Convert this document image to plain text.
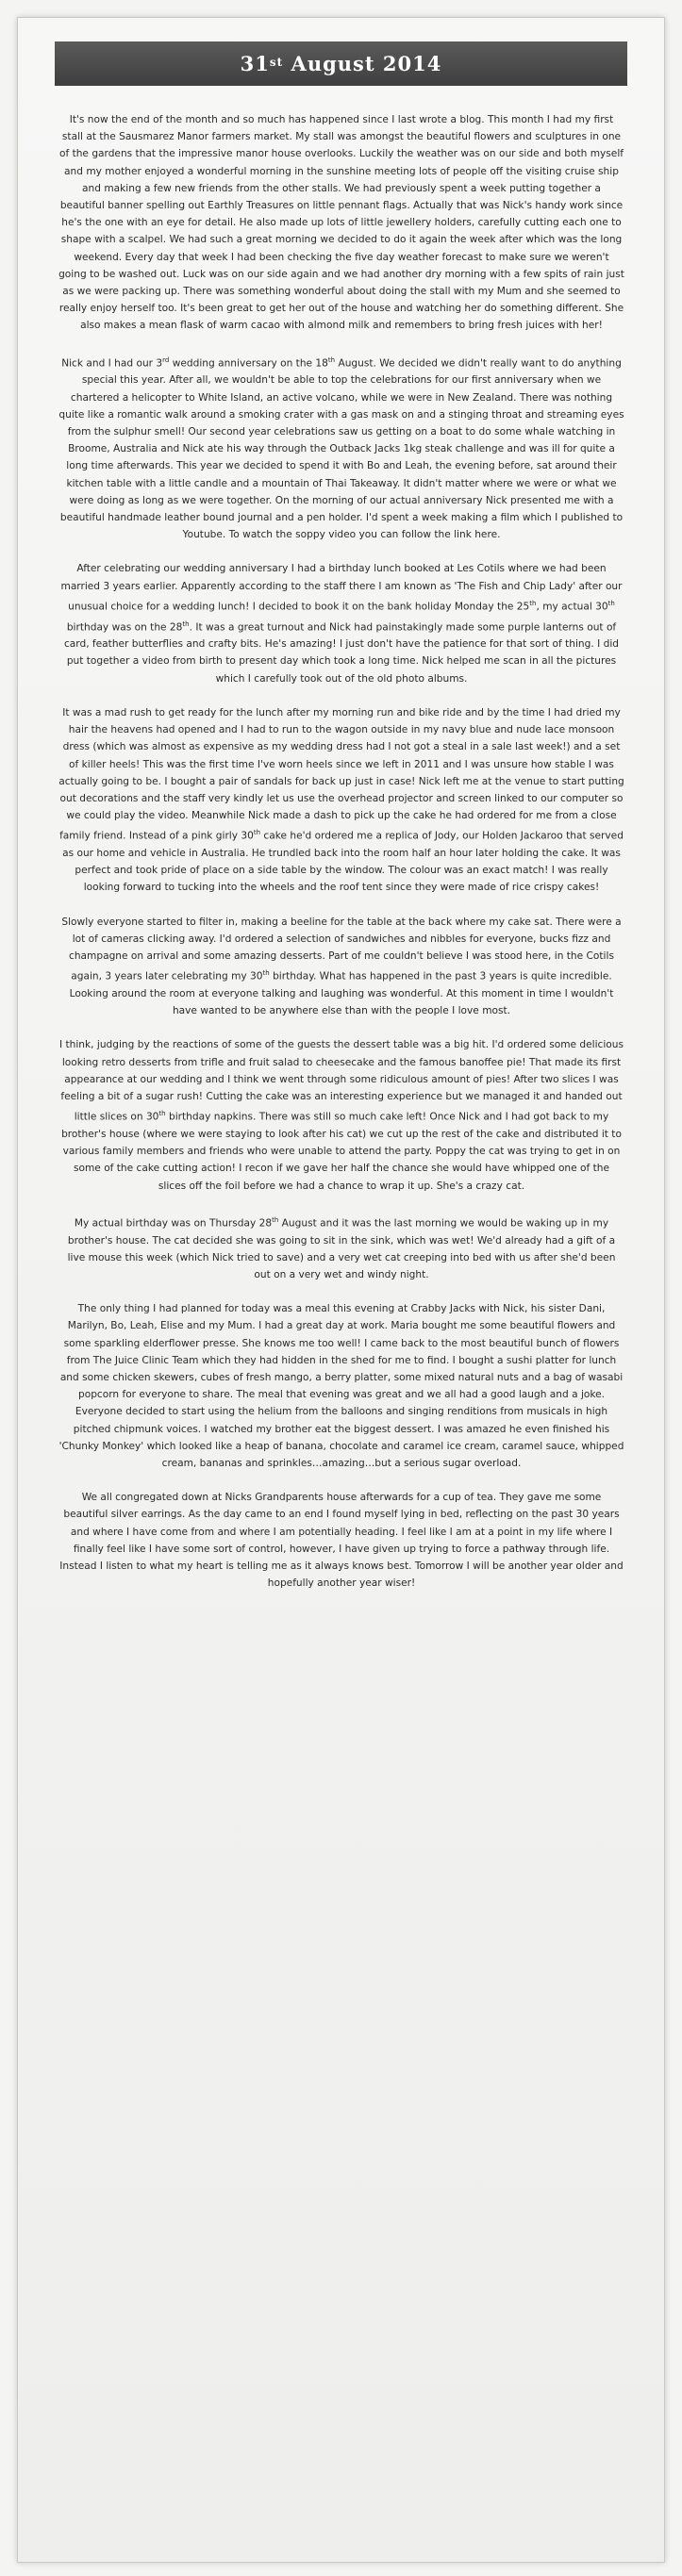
31st August 2014

It's now the end of the month and so much has happened since I last wrote a blog. This month I had my first stall at the Sausmarez Manor farmers market. My stall was amongst the beautiful flowers and sculptures in one of the gardens that the impressive manor house overlooks. Luckily the weather was on our side and both myself and my mother enjoyed a wonderful morning in the sunshine meeting lots of people off the visiting cruise ship and making a few new friends from the other stalls. We had previously spent a week putting together a beautiful banner spelling out Earthly Treasures on little pennant flags. Actually that was Nick's handy work since he's the one with an eye for detail. He also made up lots of little jewellery holders, carefully cutting each one to shape with a scalpel. We had such a great morning we decided to do it again the week after which was the long weekend. Every day that week I had been checking the five day weather forecast to make sure we weren't going to be washed out. Luck was on our side again and we had another dry morning with a few spits of rain just as we were packing up. There was something wonderful about doing the stall with my Mum and she seemed to really enjoy herself too. It's been great to get her out of the house and watching her do something different. She also makes a mean flask of warm cacao with almond milk and remembers to bring fresh juices with her!

Nick and I had our 3rd wedding anniversary on the 18th August. We decided we didn't really want to do anything special this year. After all, we wouldn't be able to top the celebrations for our first anniversary when we chartered a helicopter to White Island, an active volcano, while we were in New Zealand. There was nothing quite like a romantic walk around a smoking crater with a gas mask on and a stinging throat and streaming eyes from the sulphur smell! Our second year celebrations saw us getting on a boat to do some whale watching in Broome, Australia and Nick ate his way through the Outback Jacks 1kg steak challenge and was ill for quite a long time afterwards. This year we decided to spend it with Bo and Leah, the evening before, sat around their kitchen table with a little candle and a mountain of Thai Takeaway. It didn't matter where we were or what we were doing as long as we were together. On the morning of our actual anniversary Nick presented me with a beautiful handmade leather bound journal and a pen holder. I'd spent a week making a film which I published to Youtube. To watch the soppy video you can follow the link here.

After celebrating our wedding anniversary I had a birthday lunch booked at Les Cotils where we had been married 3 years earlier. Apparently according to the staff there I am known as 'The Fish and Chip Lady' after our unusual choice for a wedding lunch! I decided to book it on the bank holiday Monday the 25th, my actual 30th birthday was on the 28th. It was a great turnout and Nick had painstakingly made some purple lanterns out of card, feather butterflies and crafty bits. He's amazing! I just don't have the patience for that sort of thing. I did put together a video from birth to present day which took a long time. Nick helped me scan in all the pictures which I carefully took out of the old photo albums.

It was a mad rush to get ready for the lunch after my morning run and bike ride and by the time I had dried my hair the heavens had opened and I had to run to the wagon outside in my navy blue and nude lace monsoon dress (which was almost as expensive as my wedding dress had I not got a steal in a sale last week!) and a set of killer heels! This was the first time I've worn heels since we left in 2011 and I was unsure how stable I was actually going to be. I bought a pair of sandals for back up just in case! Nick left me at the venue to start putting out decorations and the staff very kindly let us use the overhead projector and screen linked to our computer so we could play the video. Meanwhile Nick made a dash to pick up the cake he had ordered for me from a close family friend. Instead of a pink girly 30th cake he'd ordered me a replica of Jody, our Holden Jackaroo that served as our home and vehicle in Australia. He trundled back into the room half an hour later holding the cake. It was perfect and took pride of place on a side table by the window. The colour was an exact match! I was really looking forward to tucking into the wheels and the roof tent since they were made of rice crispy cakes!

Slowly everyone started to filter in, making a beeline for the table at the back where my cake sat. There were a lot of cameras clicking away. I'd ordered a selection of sandwiches and nibbles for everyone, bucks fizz and champagne on arrival and some amazing desserts. Part of me couldn't believe I was stood here, in the Cotils again, 3 years later celebrating my 30th birthday. What has happened in the past 3 years is quite incredible. Looking around the room at everyone talking and laughing was wonderful. At this moment in time I wouldn't have wanted to be anywhere else than with the people I love most.

I think, judging by the reactions of some of the guests the dessert table was a big hit. I'd ordered some delicious looking retro desserts from trifle and fruit salad to cheesecake and the famous banoffee pie! That made its first appearance at our wedding and I think we went through some ridiculous amount of pies! After two slices I was feeling a bit of a sugar rush! Cutting the cake was an interesting experience but we managed it and handed out little slices on 30th birthday napkins. There was still so much cake left! Once Nick and I had got back to my brother's house (where we were staying to look after his cat) we cut up the rest of the cake and distributed it to various family members and friends who were unable to attend the party. Poppy the cat was trying to get in on some of the cake cutting action! I recon if we gave her half the chance she would have whipped one of the slices off the foil before we had a chance to wrap it up. She's a crazy cat.

My actual birthday was on Thursday 28th August and it was the last morning we would be waking up in my brother's house. The cat decided she was going to sit in the sink, which was wet! We'd already had a gift of a live mouse this week (which Nick tried to save) and a very wet cat creeping into bed with us after she'd been out on a very wet and windy night.

The only thing I had planned for today was a meal this evening at Crabby Jacks with Nick, his sister Dani, Marilyn, Bo, Leah, Elise and my Mum. I had a great day at work. Maria bought me some beautiful flowers and some sparkling elderflower presse. She knows me too well! I came back to the most beautiful bunch of flowers from The Juice Clinic Team which they had hidden in the shed for me to find. I bought a sushi platter for lunch and some chicken skewers, cubes of fresh mango, a berry platter, some mixed natural nuts and a bag of wasabi popcorn for everyone to share. The meal that evening was great and we all had a good laugh and a joke. Everyone decided to start using the helium from the balloons and singing renditions from musicals in high pitched chipmunk voices. I watched my brother eat the biggest dessert. I was amazed he even finished his 'Chunky Monkey' which looked like a heap of banana, chocolate and caramel ice cream, caramel sauce, whipped cream, bananas and sprinkles…amazing…but a serious sugar overload.

We all congregated down at Nicks Grandparents house afterwards for a cup of tea. They gave me some beautiful silver earrings. As the day came to an end I found myself lying in bed, reflecting on the past 30 years and where I have come from and where I am potentially heading. I feel like I am at a point in my life where I finally feel like I have some sort of control, however, I have given up trying to force a pathway through life. Instead I listen to what my heart is telling me as it always knows best. Tomorrow I will be another year older and hopefully another year wiser!
